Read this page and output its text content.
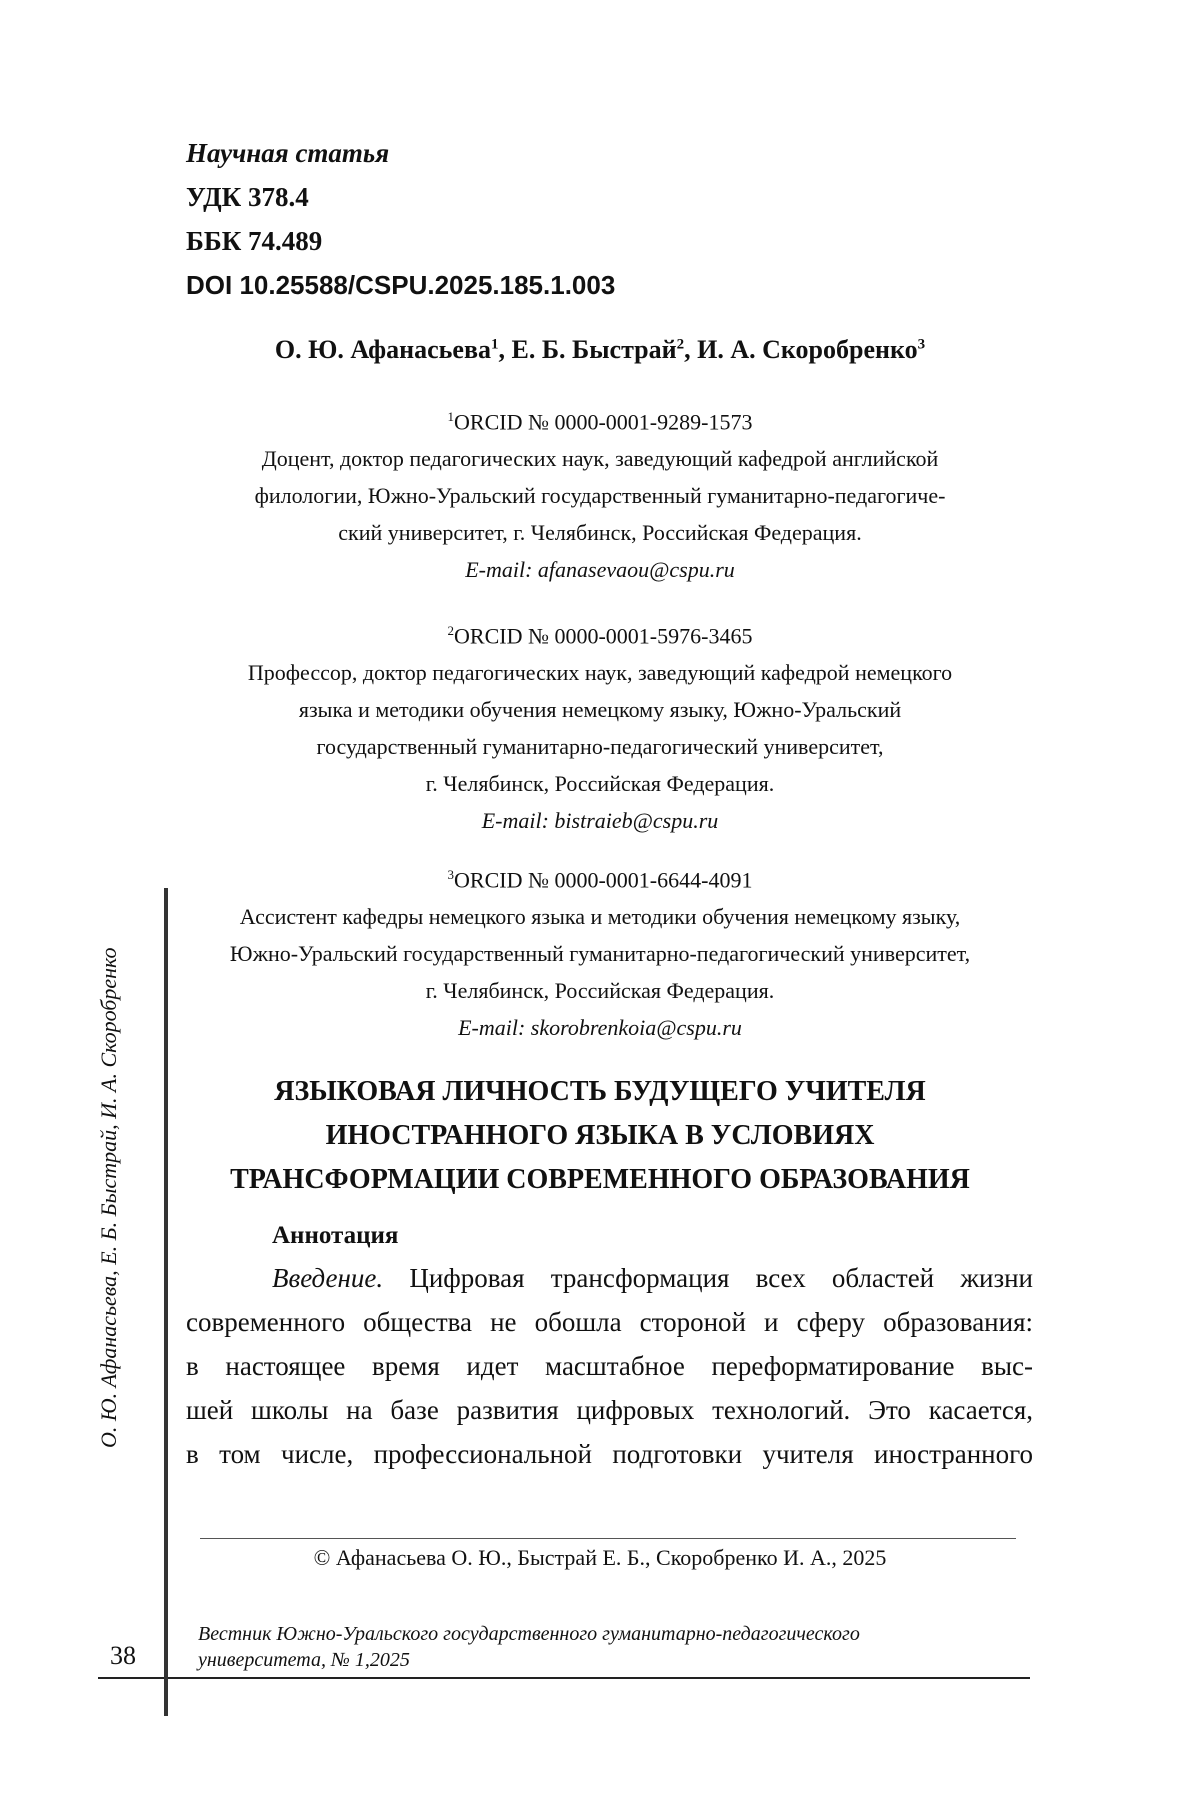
Научная статья
УДК 378.4
ББК 74.489
DOI 10.25588/CSPU.2025.185.1.003
О. Ю. Афанасьева1, Е. Б. Быстрай2, И. А. Скоробренко3
1ORCID № 0000-0001-9289-1573
Доцент, доктор педагогических наук, заведующий кафедрой английской
филологии, Южно-Уральский государственный гуманитарно-педагогиче-
ский университет, г. Челябинск, Российская Федерация.
E-mail: afanasevaou@cspu.ru
2ORCID № 0000-0001-5976-3465
Профессор, доктор педагогических наук, заведующий кафедрой немецкого
языка и методики обучения немецкому языку, Южно-Уральский
государственный гуманитарно-педагогический университет,
г. Челябинск, Российская Федерация.
E-mail: bistraieb@cspu.ru
3ORCID № 0000-0001-6644-4091
Ассистент кафедры немецкого языка и методики обучения немецкому языку,
Южно-Уральский государственный гуманитарно-педагогический университет,
г. Челябинск, Российская Федерация.
E-mail: skorobrenkoia@cspu.ru
ЯЗЫКОВАЯ ЛИЧНОСТЬ БУДУЩЕГО УЧИТЕЛЯ
ИНОСТРАННОГО ЯЗЫКА В УСЛОВИЯХ
ТРАНСФОРМАЦИИ СОВРЕМЕННОГО ОБРАЗОВАНИЯ
Аннотация
Введение. Цифровая трансформация всех областей жизни
современного общества не обошла стороной и сферу образования:
в настоящее время идет масштабное переформатирование выс-
шей школы на базе развития цифровых технологий. Это касается,
в том числе, профессиональной подготовки учителя иностранного
© Афанасьева О. Ю., Быстрай Е. Б., Скоробренко И. А., 2025
Вестник Южно-Уральского государственного гуманитарно-педагогического
университета, № 1,2025
38
О. Ю. Афанасьева, Е. Б. Быстрай, И. А. Скоробренко
